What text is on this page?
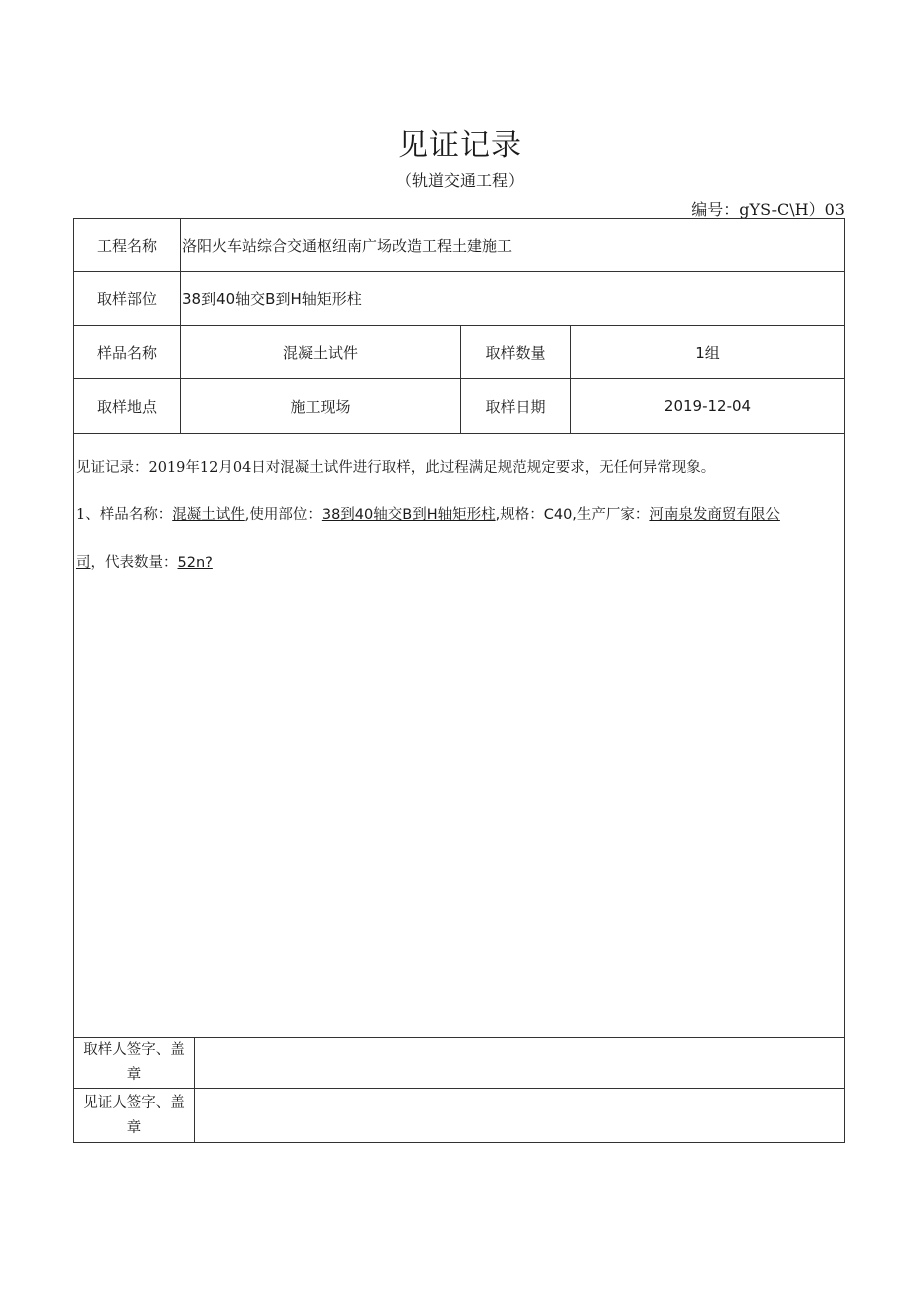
见证记录
（轨道交通工程）
编号：gYS-C\H）03
工程名称	洛阳火车站综合交通枢纽南广场改造工程土建施工
取样部位	38到40轴交B到H轴矩形柱
样品名称	混凝土试件	取样数量	1组
取样地点	施工现场	取样日期	2019-12-04
见证记录：2019年12月04日对混凝土试件进行取样，此过程满足规范规定要求，无任何异常现象。
1、样品名称：混凝土试件,使用部位：38到40轴交B到H轴矩形柱,规格：C40,生产厂家：河南泉发商贸有限公
司，代表数量：52n?
取样人签字、盖
章
见证人签字、盖
章
